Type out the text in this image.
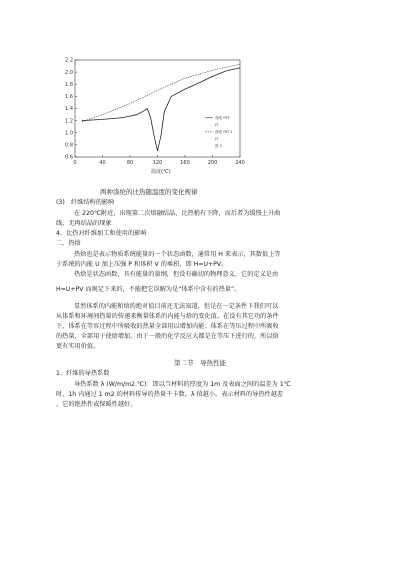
2.2
2.0
1.8
1.6
1.4
1.2
1.0
0.8
0.6
0	40	80	120	160	200	240
涤纶 PET
纤
涤纶 PET1
纤
维 2
温度(℃)
两种涤纶的比热随温度的变化规律
(3)　纤维结构的影响
在 220℃附近，出现第二次熔融结晶，比热稍有下降，而后者为缓慢上升曲
线，无再结晶的现象
4、比热对纤维加工和使用的影响
二、热焓
热焓也是表示物质系统能量的一个状态函数，通常用 H 来表示，其数值上等
于系统的内能 U 加上压强 P 和体积 V 的乘积，即 H=U+PV。
热焓是状态函数，具有能量的量纲，但没有确切的物理意义，它的定义是由
H=U+PV 而规定下来的，不能把它误解为是“体系中含有的热量”。
显然体系的内能和焓的绝对值目前还无法知道，但是在一定条件下我们可以
从体系和环境间热量的传递来衡量体系的内能与焓的变化值。在没有其它功的条件
下，体系在等容过程中所吸收的热量全部用以增加内能；体系在等压过程中所吸收
的热量，全部用于使焓增加。由于一般的化学反应大都是在等压下进行的，所以焓
更有实用价值。
第二节　导热性能
1、纤维的导热系数
导热系数 λ (W/m/m2.℃)：即以当材料的厚度为 1m 及表面之间的温差为 1℃
时，1h 内通过 1 m2 的材料传导的热量千卡数。λ 值越小，表示材料的导热性越差
，它的绝热性或保暖性越好。
